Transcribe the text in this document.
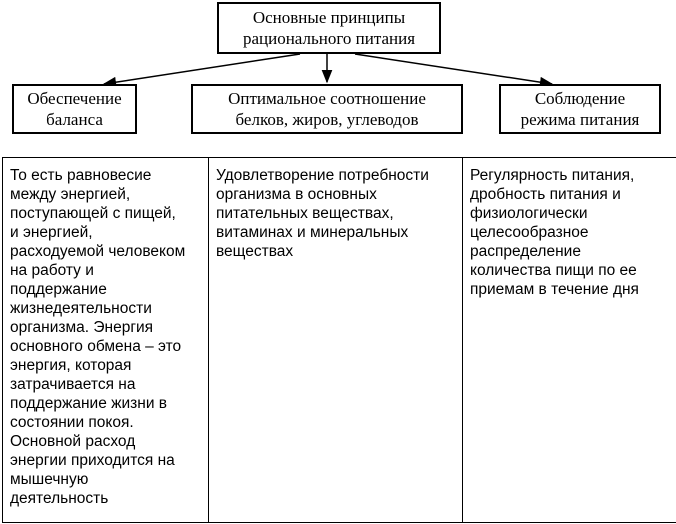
Основные принципы
рационального питания
Обеспечение
баланса
Оптимальное соотношение
белков, жиров, углеводов
Соблюдение
режима питания
То есть равновесие
между энергией,
поступающей с пищей,
и энергией,
расходуемой человеком
на работу и
поддержание
жизнедеятельности
организма. Энергия
основного обмена – это
энергия, которая
затрачивается на
поддержание жизни в
состоянии покоя.
Основной расход
энергии приходится на
мышечную
деятельность	Удовлетворение потребности
организма в основных
питательных веществах,
витаминах и минеральных
веществах	Регулярность питания,
дробность питания и
физиологически
целесообразное
распределение
количества пищи по ее
приемам в течение дня
